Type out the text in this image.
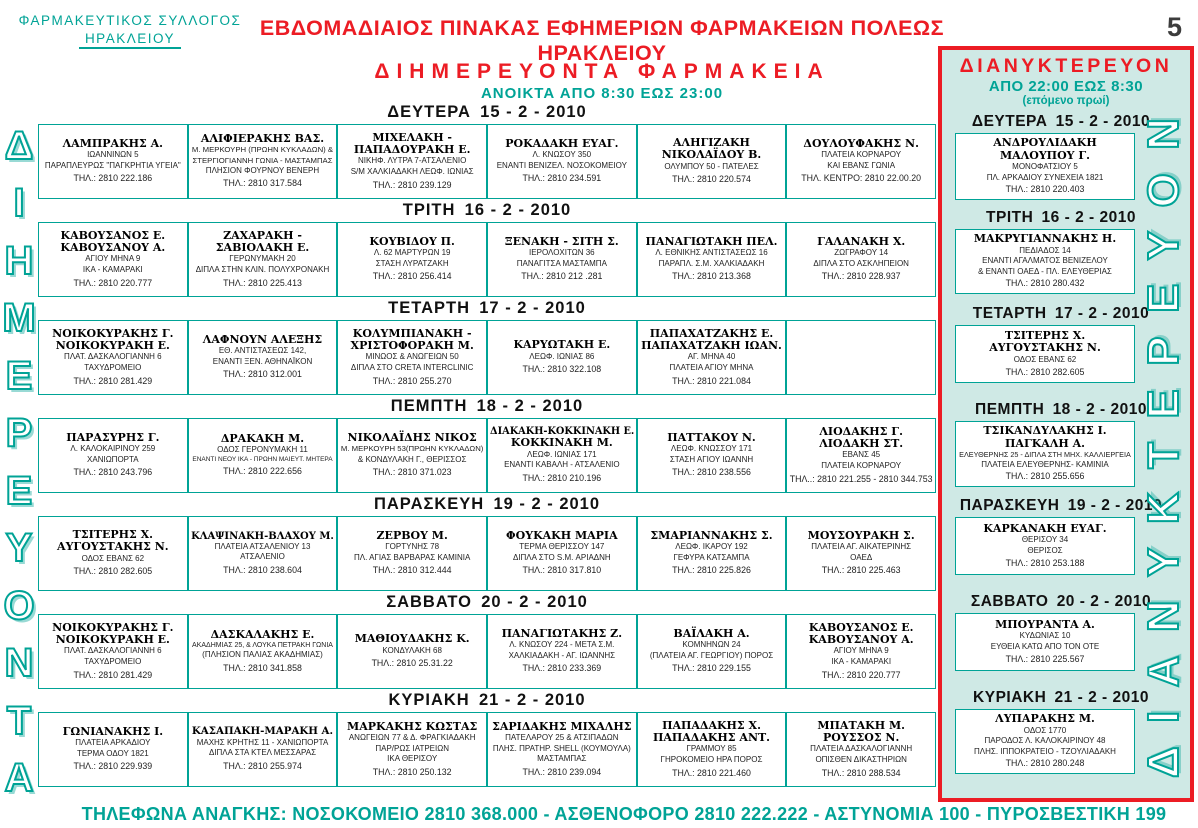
ΦΑΡΜΑΚΕΥΤΙΚΟΣ ΣΥΛΛΟΓΟΣ
ΗΡΑΚΛΕΙΟΥ	ΕΒΔΟΜΑΔΙΑΙΟΣ ΠΙΝΑΚΑΣ ΕΦΗΜΕΡΙΩΝ ΦΑΡΜΑΚΕΙΩΝ ΠΟΛΕΩΣ ΗΡΑΚΛΕΙΟΥ
5
ΔΙΗΜΕΡΕΥΟΝΤΑ ΦΑΡΜΑΚΕΙΑ
ΑΝΟΙΚΤΑ ΑΠΟ 8:30 ΕΩΣ 23:00
Δ
Ι
Η
Μ
Ε
Ρ
Ε
Υ
Ο
Ν
Τ
Α
ΔΕΥΤΕΡΑ 15 - 2 - 2010
ΛΑΜΠΡΑΚΗΣ Α.
ΙΩΑΝΝΙΝΩΝ 5
ΠΑΡΑΠΛΕΥΡΩΣ "ΠΑΓΚΡΗΤΙΑ ΥΓΕΙΑ"
ΤΗΛ.: 2810 222.186
ΑΛΙΦΙΕΡΑΚΗΣ ΒΑΣ.
Μ. ΜΕΡΚΟΥΡΗ (ΠΡΩΗΝ ΚΥΚΛΑΔΩΝ) &
ΣΤΕΡΓΙΟΓΙΑΝΝΗ ΓΩΝΙΑ - ΜΑΣΤΑΜΠΑΣ
ΠΛΗΣΙΟΝ ΦΟΥΡΝΟΥ ΒΕΝΕΡΗ
ΤΗΛ.: 2810 317.584
ΜΙΧΕΛΑΚΗ -
ΠΑΠΑΔΟΥΡΑΚΗ Ε.
ΝΙΚΗΦ. ΛΥΤΡΑ 7-ΑΤΣΑΛΕΝΙΟ
S/M ΧΑΛΚΙΑΔΑΚΗ ΛΕΩΦ. ΙΩΝΙΑΣ
ΤΗΛ.: 2810 239.129
ΡΟΚΑΔΑΚΗ ΕΥΑΓ.
Λ. ΚΝΩΣΟΥ 350
ΕΝΑΝΤΙ ΒΕΝΙΖΕΛ. ΝΟΣΟΚΟΜΕΙΟΥ
ΤΗΛ.: 2810 234.591
ΑΛΗΓΙΖΑΚΗ
ΝΙΚΟΛΑΪΔΟΥ Β.
ΟΛΥΜΠΟΥ 50 - ΠΑΤΕΛΕΣ
ΤΗΛ.: 2810 220.574
ΔΟΥΛΟΥΦΑΚΗΣ Ν.
ΠΛΑΤΕΙΑ ΚΟΡΝΑΡΟΥ
ΚΑΙ ΕΒΑΝΣ ΓΩΝΙΑ
ΤΗΛ. ΚΕΝΤΡΟ: 2810 22.00.20
ΤΡΙΤΗ 16 - 2 - 2010
ΚΑΒΟΥΣΑΝΟΣ Ε.
ΚΑΒΟΥΣΑΝΟΥ Α.
ΑΓΙΟΥ ΜΗΝΑ 9
ΙΚΑ - ΚΑΜΑΡΑΚΙ
ΤΗΛ.: 2810 220.777
ΖΑΧΑΡΑΚΗ -
ΣΑΒΙΟΛΑΚΗ Ε.
ΓΕΡΩΝΥΜΑΚΗ 20
ΔΙΠΛΑ ΣΤΗΝ ΚΛΙΝ. ΠΟΛΥΧΡΟΝΑΚΗ
ΤΗΛ.: 2810 225.413
ΚΟΥΒΙΔΟΥ Π.
Λ. 62 ΜΑΡΤΥΡΩΝ 19
ΣΤΑΣΗ ΛΥΡΑΤΖΑΚΗ
ΤΗΛ.: 2810 256.414
ΞΕΝΑΚΗ - ΣΙΤΗ Σ.
ΙΕΡΟΛΟΧΙΤΩΝ 36
ΠΑΝΑΓΙΤΣΑ ΜΑΣΤΑΜΠΑ
ΤΗΛ.: 2810 212 .281
ΠΑΝΑΓΙΩΤΑΚΗ ΠΕΛ.
Λ. ΕΘΝΙΚΗΣ ΑΝΤΙΣΤΑΣΕΩΣ 16
ΠΑΡΑΠΛ. Σ.Μ. ΧΑΛΚΙΑΔΑΚΗ
ΤΗΛ.: 2810 213.368
ΓΑΛΑΝΑΚΗ Χ.
ΖΩΓΡΑΦΟΥ 14
ΔΙΠΛΑ ΣΤΟ ΑΣΚΛΗΠΕΙΟΝ
ΤΗΛ.: 2810 228.937
ΤΕΤΑΡΤΗ 17 - 2 - 2010
ΝΟΙΚΟΚΥΡΑΚΗΣ Γ.
ΝΟΙΚΟΚΥΡΑΚΗ Ε.
ΠΛΑΤ. ΔΑΣΚΑΛΟΓΙΑΝΝΗ 6
ΤΑΧΥΔΡΟΜΕΙΟ
ΤΗΛ.: 2810 281.429
ΛΑΦΝΟΥΝ ΑΛΕΞΗΣ
ΕΘ. ΑΝΤΙΣΤΑΣΕΩΣ 142,
ΕΝΑΝΤΙ ΞΕΝ. ΑΘΗΝΑΪΚΟΝ
ΤΗΛ.: 2810 312.001
ΚΟΛΥΜΠΙΑΝΑΚΗ -
ΧΡΙΣΤΟΦΟΡΑΚΗ Μ.
ΜΙΝΩΟΣ & ΑΝΩΓΕΙΩΝ 50
ΔΙΠΛΑ ΣΤΟ CRETA INTERCLINIC
ΤΗΛ.: 2810 255.270
ΚΑΡΥΩΤΑΚΗ Ε.
ΛΕΩΦ. ΙΩΝΙΑΣ 86
ΤΗΛ.: 2810 322.108
ΠΑΠΑΧΑΤΖΑΚΗΣ Ε.
ΠΑΠΑΧΑΤΖΑΚΗ ΙΩΑΝ.
ΑΓ. ΜΗΝΑ 40
ΠΛΑΤΕΙΑ ΑΓΙΟΥ ΜΗΝΑ
ΤΗΛ.: 2810 221.084
ΠΕΜΠΤΗ 18 - 2 - 2010
ΠΑΡΑΣΥΡΗΣ Γ.
Λ. ΚΑΛΟΚΑΙΡΙΝΟΥ 259
ΧΑΝΙΩΠΟΡΤΑ
ΤΗΛ.: 2810 243.796
ΔΡΑΚΑΚΗ Μ.
ΟΔΟΣ ΓΕΡΟΝΥΜΑΚΗ 11
ΕΝΑΝΤΙ ΝΕΟΥ ΙΚΑ - ΠΡΩΗΝ ΜΑΙΕΥΤ. ΜΗΤΕΡΑ
ΤΗΛ.: 2810 222.656
ΝΙΚΟΛΑΪΔΗΣ ΝΙΚΟΣ
Μ. ΜΕΡΚΟΥΡΗ 53(ΠΡΩΗΝ ΚΥΚΛΑΔΩΝ)
& ΚΟΝΔΥΛΑΚΗ Γ., ΘΕΡΙΣΣΟΣ
ΤΗΛ.: 2810 371.023
ΔΙΑΚΑΚΗ-ΚΟΚΚΙΝΑΚΗ Ε.
ΚΟΚΚΙΝΑΚΗ Μ.
ΛΕΩΦ. ΙΩΝΙΑΣ 171
ΕΝΑΝΤΙ ΚΑΒΑΛΗ - ΑΤΣΑΛΕΝΙΟ
ΤΗΛ.: 2810 210.196
ΠΑΤΤΑΚΟΥ Ν.
ΛΕΩΦ. ΚΝΩΣΣΟΥ 171
ΣΤΑΣΗ ΑΓΙΟΥ ΙΩΑΝΝΗ
ΤΗΛ.: 2810 238.556
ΛΙΟΔΑΚΗΣ Γ.
ΛΙΟΔΑΚΗ ΣΤ.
ΕΒΑΝΣ 45
ΠΛΑΤΕΙΑ ΚΟΡΝΑΡΟΥ
ΤΗΛ..: 2810 221.255 - 2810 344.753
ΠΑΡΑΣΚΕΥΗ 19 - 2 - 2010
ΤΣΙΤΕΡΗΣ Χ.
ΑΥΓΟΥΣΤΑΚΗΣ Ν.
ΟΔΟΣ ΕΒΑΝΣ 62
ΤΗΛ.: 2810 282.605
ΚΛΑΨΙΝΑΚΗ-ΒΛΑΧΟΥ Μ.
ΠΛΑΤΕΙΑ ΑΤΣΑΛΕΝΙΟΥ 13
ΑΤΣΑΛΕΝΙΟ
ΤΗΛ.: 2810 238.604
ΖΕΡΒΟΥ Μ.
ΓΟΡΤΥΝΗΣ 78
ΠΛ. ΑΓΙΑΣ ΒΑΡΒΑΡΑΣ ΚΑΜΙΝΙΑ
ΤΗΛ.: 2810 312.444
ΦΟΥΚΑΚΗ ΜΑΡΙΑ
ΤΕΡΜΑ ΘΕΡΙΣΣΟΥ 147
ΔΙΠΛΑ ΣΤΟ S.M. ΑΡΙΑΔΝΗ
ΤΗΛ.: 2810 317.810
ΣΜΑΡΙΑΝΝΑΚΗΣ Σ.
ΛΕΩΦ. ΙΚΑΡΟΥ 192
ΓΕΦΥΡΑ ΚΑΤΣΑΜΠΑ
ΤΗΛ.: 2810 225.826
ΜΟΥΣΟΥΡΑΚΗ Σ.
ΠΛΑΤΕΙΑ ΑΓ. ΑΙΚΑΤΕΡΙΝΗΣ
ΟΑΕΔ
ΤΗΛ.: 2810 225.463
ΣΑΒΒΑΤΟ 20 - 2 - 2010
ΝΟΙΚΟΚΥΡΑΚΗΣ Γ.
ΝΟΙΚΟΚΥΡΑΚΗ Ε.
ΠΛΑΤ. ΔΑΣΚΑΛΟΓΙΑΝΝΗ 6
ΤΑΧΥΔΡΟΜΕΙΟ
ΤΗΛ.: 2810 281.429
ΔΑΣΚΑΛΑΚΗΣ Ε.
ΑΚΑΔΗΜΙΑΣ 25, & ΛΟΥΚΑ ΠΕΤΡΑΚΗ ΓΩΝΙΑ
(ΠΛΗΣΙΟΝ ΠΑΛΙΑΣ ΑΚΑΔΗΜΙΑΣ)
ΤΗΛ.: 2810 341.858
ΜΑΘΙΟΥΔΑΚΗΣ Κ.
ΚΟΝΔΥΛΑΚΗ 68
ΤΗΛ.: 2810 25.31.22
ΠΑΝΑΓΙΩΤΑΚΗΣ Ζ.
Λ. ΚΝΩΣΟΥ 224 - ΜΕΤΑ Σ.Μ.
ΧΑΛΚΙΑΔΑΚΗ - ΑΓ. ΙΩΑΝΝΗΣ
ΤΗΛ.: 2810 233.369
ΒΑΪΛΑΚΗ Α.
ΚΟΜΝΗΝΩΝ 24
(ΠΛΑΤΕΙΑ ΑΓ. ΓΕΩΡΓΙΟΥ) ΠΟΡΟΣ
ΤΗΛ.: 2810 229.155
ΚΑΒΟΥΣΑΝΟΣ Ε.
ΚΑΒΟΥΣΑΝΟΥ Α.
ΑΓΙΟΥ ΜΗΝΑ 9
ΙΚΑ - ΚΑΜΑΡΑΚΙ
ΤΗΛ.: 2810 220.777
ΚΥΡΙΑΚΗ 21 - 2 - 2010
ΓΩΝΙΑΝΑΚΗΣ Ι.
ΠΛΑΤΕΙΑ ΑΡΚΑΔΙΟΥ
ΤΕΡΜΑ ΟΔΟΥ 1821
ΤΗΛ.: 2810 229.939
ΚΑΣΑΠΑΚΗ-ΜΑΡΑΚΗ Α.
ΜΑΧΗΣ ΚΡΗΤΗΣ 11 - ΧΑΝΙΩΠΟΡΤΑ
ΔΙΠΛΑ ΣΤΑ ΚΤΕΛ ΜΕΣΣΑΡΑΣ
ΤΗΛ.: 2810 255.974
ΜΑΡΚΑΚΗΣ ΚΩΣΤΑΣ
ΑΝΩΓΕΙΩΝ 77 & Δ. ΦΡΑΓΚΙΑΔΑΚΗ
ΠΑΡ/ΡΩΣ ΙΑΤΡΕΙΩΝ
ΙΚΑ ΘΕΡΙΣΟΥ
ΤΗΛ.: 2810 250.132
ΣΑΡΙΔΑΚΗΣ ΜΙΧΑΛΗΣ
ΠΑΤΕΛΑΡΟΥ 25 & ΑΤΣΙΠΑΔΩΝ
ΠΛΗΣ. ΠΡΑΤΗΡ. SHELL (ΚΟΥΜΟΥΛΑ)
ΜΑΣΤΑΜΠΑΣ
ΤΗΛ.: 2810 239.094
ΠΑΠΑΔΑΚΗΣ Χ.
ΠΑΠΑΔΑΚΗΣ ΑΝΤ.
ΓΡΑΜΜΟΥ 85
ΓΗΡΟΚΟΜΕΙΟ ΗΡΑ ΠΟΡΟΣ
ΤΗΛ.: 2810 221.460
ΜΠΑΤΑΚΗ Μ.
ΡΟΥΣΣΟΣ Ν.
ΠΛΑΤΕΙΑ ΔΑΣΚΑΛΟΓΙΑΝΝΗ
ΟΠΙΣΘΕΝ ΔΙΚΑΣΤΗΡΙΩΝ
ΤΗΛ.: 2810 288.534
ΔΙΑΝΥΚΤΕΡΕΥΟΝ
ΑΠΟ 22:00 ΕΩΣ 8:30
(επόμενο πρωί)
ΔΕΥΤΕΡΑ 15 - 2 - 2010
ΑΝΔΡΟΥΛΙΔΑΚΗ
ΜΑΛΟΥΠΟΥ Γ.
ΜΟΝΟΦΑΤΣΙΟΥ 5
ΠΛ. ΑΡΚΑΔΙΟΥ ΣΥΝΕΧΕΙΑ 1821
ΤΗΛ.: 2810 220.403
ΤΡΙΤΗ 16 - 2 - 2010
ΜΑΚΡΥΓΙΑΝΝΑΚΗΣ Η.
ΠΕΔΙΑΔΟΣ 14
ΕΝΑΝΤΙ ΑΓΑΛΜΑΤΟΣ ΒΕΝΙΖΕΛΟΥ
& ΕΝΑΝΤΙ ΟΑΕΔ - ΠΛ. ΕΛΕΥΘΕΡΙΑΣ
ΤΗΛ.: 2810 280.432
ΤΕΤΑΡΤΗ 17 - 2 - 2010
ΤΣΙΤΕΡΗΣ Χ.
ΑΥΓΟΥΣΤΑΚΗΣ Ν.
ΟΔΟΣ ΕΒΑΝΣ 62
ΤΗΛ.: 2810 282.605
ΠΕΜΠΤΗ 18 - 2 - 2010
ΤΣΙΚΑΝΔΥΛΑΚΗΣ Ι.
ΠΑΓΚΑΛΗ Α.
ΕΛΕΥΘΕΡΝΗΣ 25 - ΔΙΠΛΑ ΣΤΗ ΜΗΧ. ΚΑΛΛΙΕΡΓΕΙΑ
ΠΛΑΤΕΙΑ ΕΛΕΥΘΕΡΝΗΣ- ΚΑΜΙΝΙΑ
ΤΗΛ.: 2810 255.656
ΠΑΡΑΣΚΕΥΗ 19 - 2 - 2010
ΚΑΡΚΑΝΑΚΗ ΕΥΑΓ.
ΘΕΡΙΣΟΥ 34
ΘΕΡΙΣΟΣ
ΤΗΛ.: 2810 253.188
ΣΑΒΒΑΤΟ 20 - 2 - 2010
ΜΠΟΥΡΑΝΤΑ Α.
ΚΥΔΩΝΙΑΣ 10
ΕΥΘΕΙΑ ΚΑΤΩ ΑΠΟ ΤΟΝ ΟΤΕ
ΤΗΛ.: 2810 225.567
ΚΥΡΙΑΚΗ 21 - 2 - 2010
ΛΥΠΑΡΑΚΗΣ Μ.
ΟΔΟΣ 1770
ΠΑΡΟΔΟΣ Λ. ΚΑΛΟΚΑΙΡΙΝΟΥ 48
ΠΛΗΣ. ΙΠΠΟΚΡΑΤΕΙΟ - ΤΖΟΥΛΙΑΔΑΚΗ
ΤΗΛ.: 2810 280.248	Δ
Ι
Α
Ν
Υ
Κ
Τ
Ε
Ρ
Ε
Υ
Ο
Ν
ΤΗΛΕΦΩΝΑ ΑΝΑΓΚΗΣ: ΝΟΣΟΚΟΜΕΙΟ 2810 368.000 - ΑΣΘΕΝΟΦΟΡΟ 2810 222.222 - ΑΣΤΥΝΟΜΙΑ 100 - ΠΥΡΟΣΒΕΣΤΙΚΗ 199
